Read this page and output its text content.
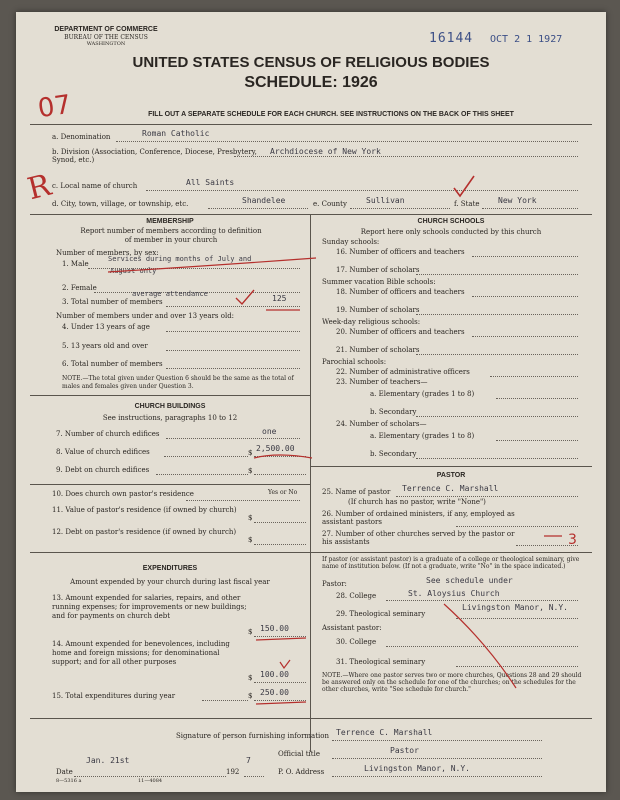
DEPARTMENT OF COMMERCE
BUREAU OF THE CENSUS
WASHINGTON	16144 OCT 2 1 1927
UNITED STATES CENSUS OF RELIGIOUS BODIES
SCHEDULE: 1926
07	FILL OUT A SEPARATE SCHEDULE FOR EACH CHURCH. SEE INSTRUCTIONS ON THE BACK OF THIS SHEET
a. Denomination	Roman Catholic
b. Division (Association, Conference, Diocese, Presbytery, Synod, etc.)
Archdiocese of New York
R
c. Local name of church	All Saints
d. City, town, village, or township, etc.	Shandelee	e. County Sullivan	f. State New York
MEMBERSHIP
Report number of members according to definition of member in your church
Number of members, by sex:
1. Male
Services during months of July and
August only
2. Female
average attendance
3. Total number of members	125
Number of members under and over 13 years old:
4. Under 13 years of age
5. 13 years old and over
6. Total number of members
NOTE.—The total given under Question 6 should be the same as the total of males and females given under Question 3.
CHURCH BUILDINGS
See instructions, paragraphs 10 to 12
7. Number of church edifices	one
8. Value of church edifices	$ 2,500.00
9. Debt on church edifices	$
10. Does church own pastor's residence	Yes or No
11. Value of pastor's residence (if owned by church)
$
12. Debt on pastor's residence (if owned by church)
$
EXPENDITURES
Amount expended by your church during last fiscal year
13. Amount expended for salaries, repairs, and other running expenses; for improvements or new buildings; and for payments on church debt
$ 150.00
14. Amount expended for benevolences, including home and foreign missions; for denominational support; and for all other purposes
$ 100.00
15. Total expenditures during year	$ 250.00
CHURCH SCHOOLS
Report here only schools conducted by this church
Sunday schools:
16. Number of officers and teachers
17. Number of scholars
Summer vacation Bible schools:
18. Number of officers and teachers
19. Number of scholars
Week-day religious schools:
20. Number of officers and teachers
21. Number of scholars
Parochial schools:
22. Number of administrative officers
23. Number of teachers—
a. Elementary (grades 1 to 8)
b. Secondary
24. Number of scholars—
a. Elementary (grades 1 to 8)
b. Secondary
PASTOR
25. Name of pastor Terrence C. Marshall
(If church has no pastor, write "None")
26. Number of ordained ministers, if any, employed as assistant pastors
27. Number of other churches served by the pastor or his assistants	3
If pastor (or assistant pastor) is a graduate of a college or theological seminary, give name of institution below. (If not a graduate, write "No" in the space indicated.)
Pastor:	See schedule under
28. College	St. Aloysius Church
29. Theological seminary
Livingston Manor, N.Y.
Assistant pastor:
30. College
31. Theological seminary
NOTE.—Where one pastor serves two or more churches, Questions 28 and 29 should be answered only on the schedule for one of the churches; on the schedules for the other churches, write "See schedule for church."
Signature of person furnishing information Terrence C. Marshall
Official title	Pastor
Date
Jan. 21st
192
7
P. O. Address	Livingston Manor, N.Y.
8—5316 a	11—4084
